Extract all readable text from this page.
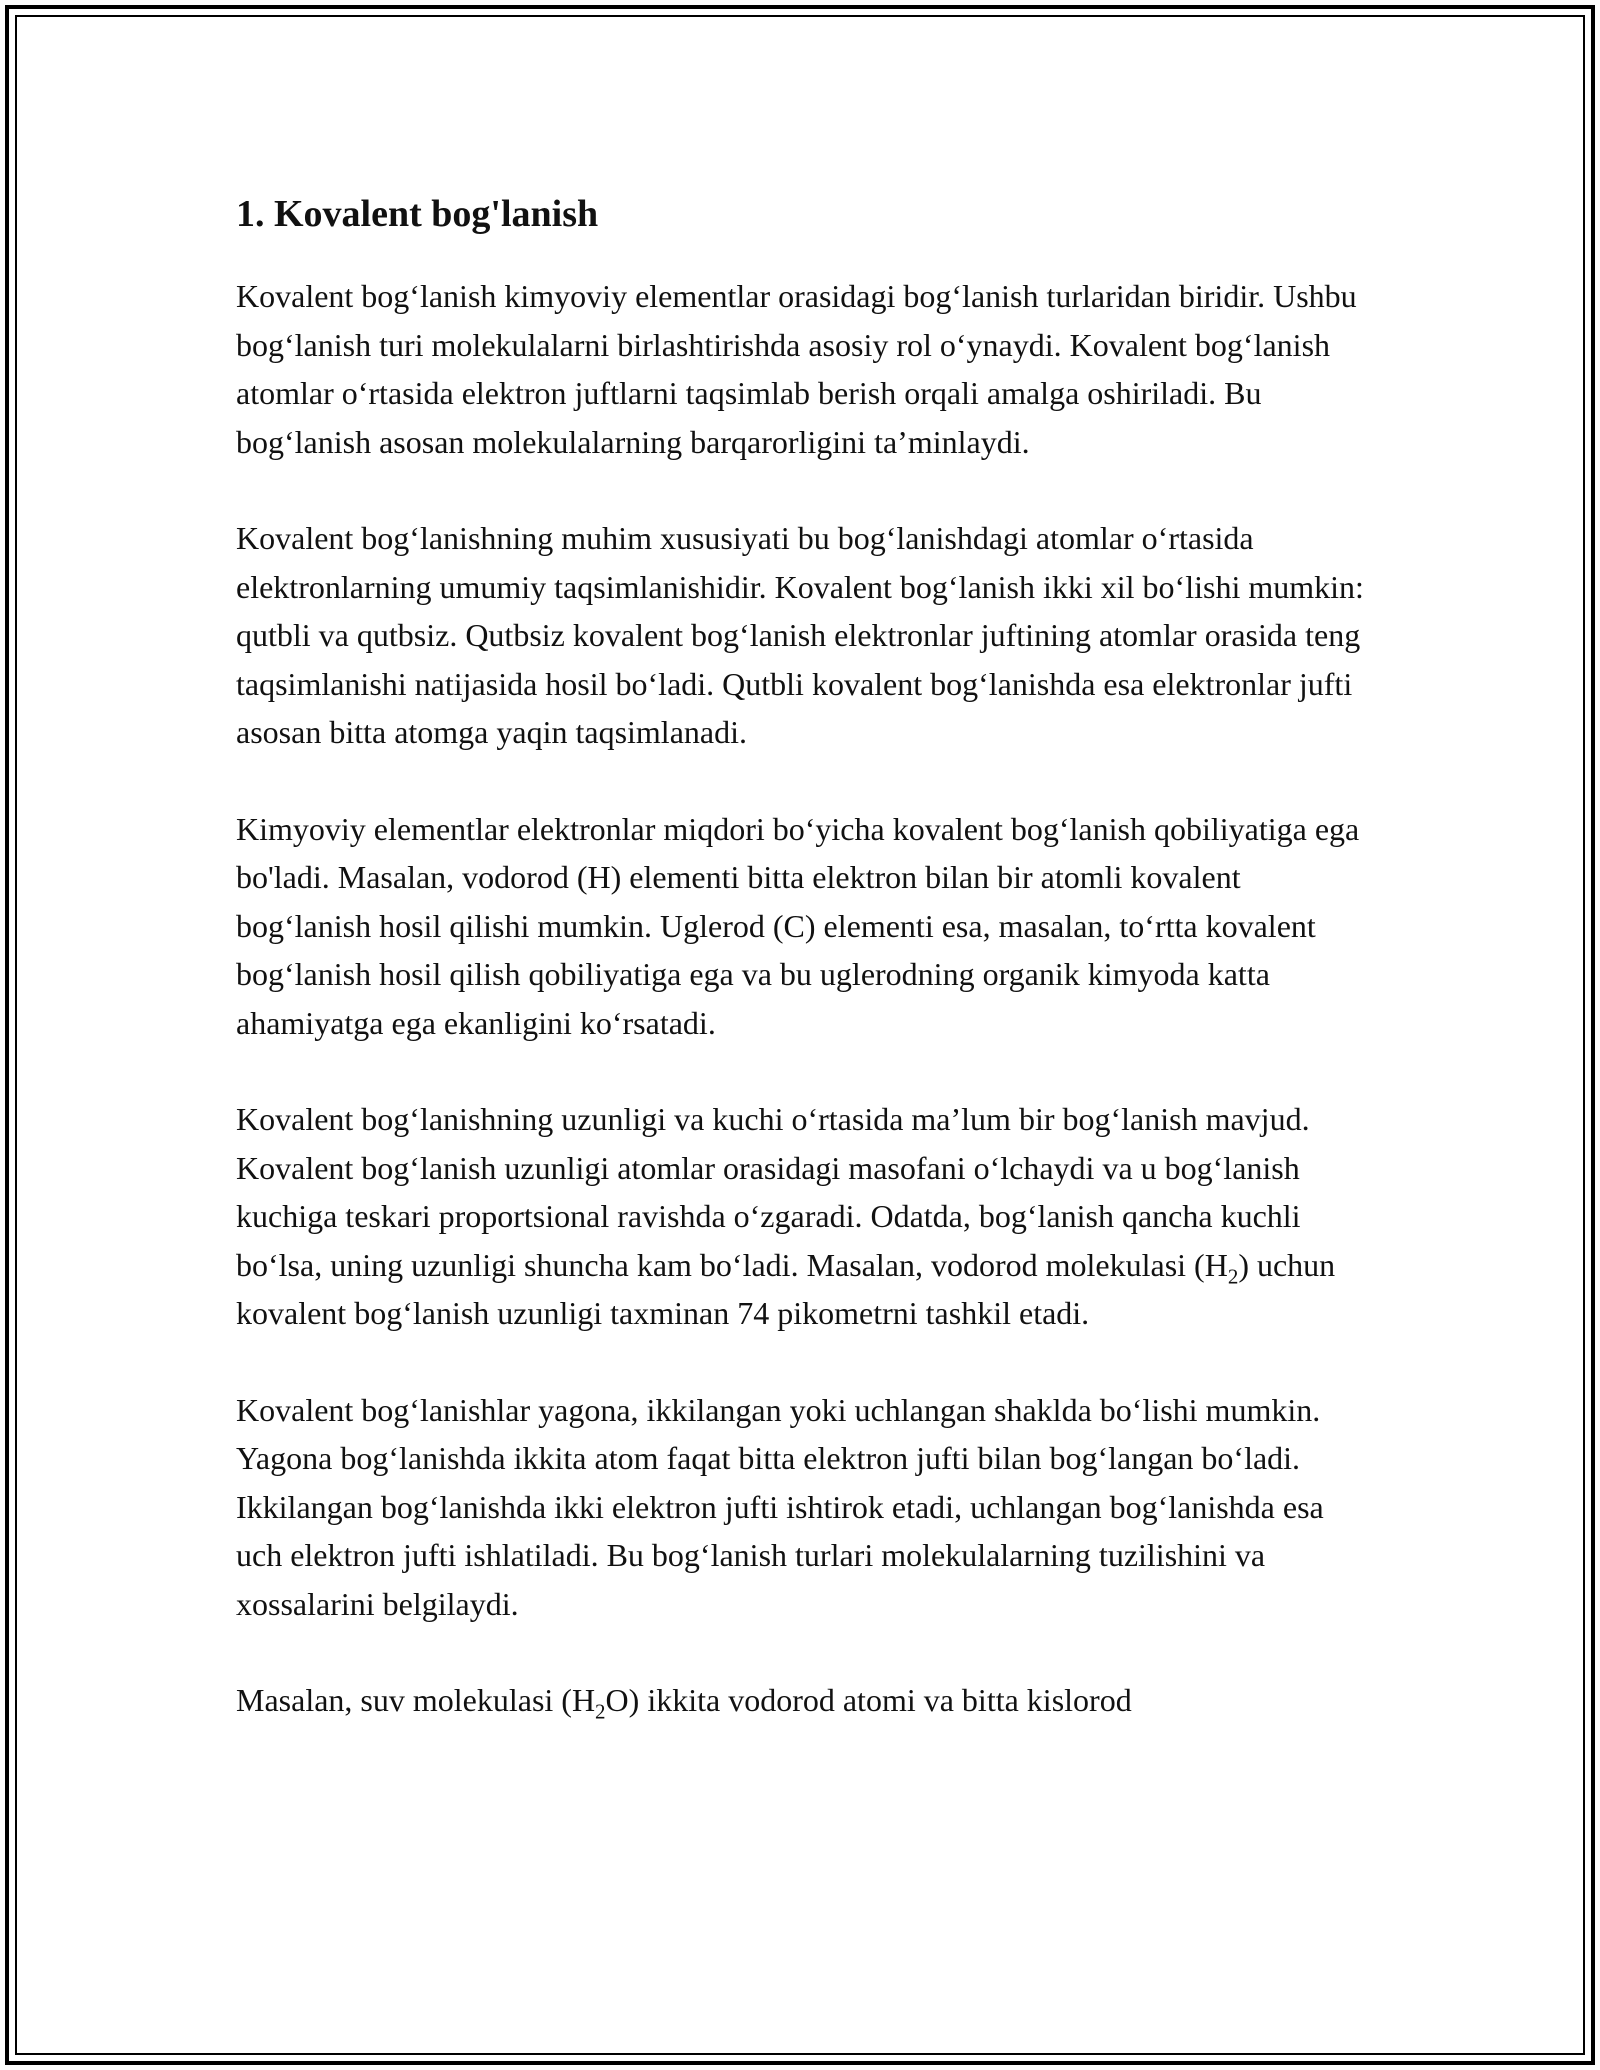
1. Kovalent bog'lanish

Kovalent bog‘lanish kimyoviy elementlar orasidagi bog‘lanish turlaridan biridir. Ushbu bog‘lanish turi molekulalarni birlashtirishda asosiy rol o‘ynaydi. Kovalent bog‘lanish atomlar o‘rtasida elektron juftlarni taqsimlab berish orqali amalga oshiriladi. Bu bog‘lanish asosan molekulalarning barqarorligini ta’minlaydi.

Kovalent bog‘lanishning muhim xususiyati bu bog‘lanishdagi atomlar o‘rtasida elektronlarning umumiy taqsimlanishidir. Kovalent bog‘lanish ikki xil bo‘lishi mumkin: qutbli va qutbsiz. Qutbsiz kovalent bog‘lanish elektronlar juftining atomlar orasida teng taqsimlanishi natijasida hosil bo‘ladi. Qutbli kovalent bog‘lanishda esa elektronlar jufti asosan bitta atomga yaqin taqsimlanadi.

Kimyoviy elementlar elektronlar miqdori bo‘yicha kovalent bog‘lanish qobiliyatiga ega bo'ladi. Masalan, vodorod (H) elementi bitta elektron bilan bir atomli kovalent bog‘lanish hosil qilishi mumkin. Uglerod (C) elementi esa, masalan, to‘rtta kovalent bog‘lanish hosil qilish qobiliyatiga ega va bu uglerodning organik kimyoda katta ahamiyatga ega ekanligini ko‘rsatadi.

Kovalent bog‘lanishning uzunligi va kuchi o‘rtasida ma’lum bir bog‘lanish mavjud. Kovalent bog‘lanish uzunligi atomlar orasidagi masofani o‘lchaydi va u bog‘lanish kuchiga teskari proportsional ravishda o‘zgaradi. Odatda, bog‘lanish qancha kuchli bo‘lsa, uning uzunligi shuncha kam bo‘ladi. Masalan, vodorod molekulasi $(H_2)$ uchun kovalent bog‘lanish uzunligi taxminan 74 pikometrni tashkil etadi.

Kovalent bog‘lanishlar yagona, ikkilangan yoki uchlangan shaklda bo‘lishi mumkin. Yagona bog‘lanishda ikkita atom faqat bitta elektron jufti bilan bog‘langan bo‘ladi. Ikkilangan bog‘lanishda ikki elektron jufti ishtirok etadi, uchlangan bog‘lanishda esa uch elektron jufti ishlatiladi. Bu bog‘lanish turlari molekulalarning tuzilishini va xossalarini belgilaydi.

Masalan, suv molekulasi $(H_2O)$ ikkita vodorod atomi va bitta kislorod
